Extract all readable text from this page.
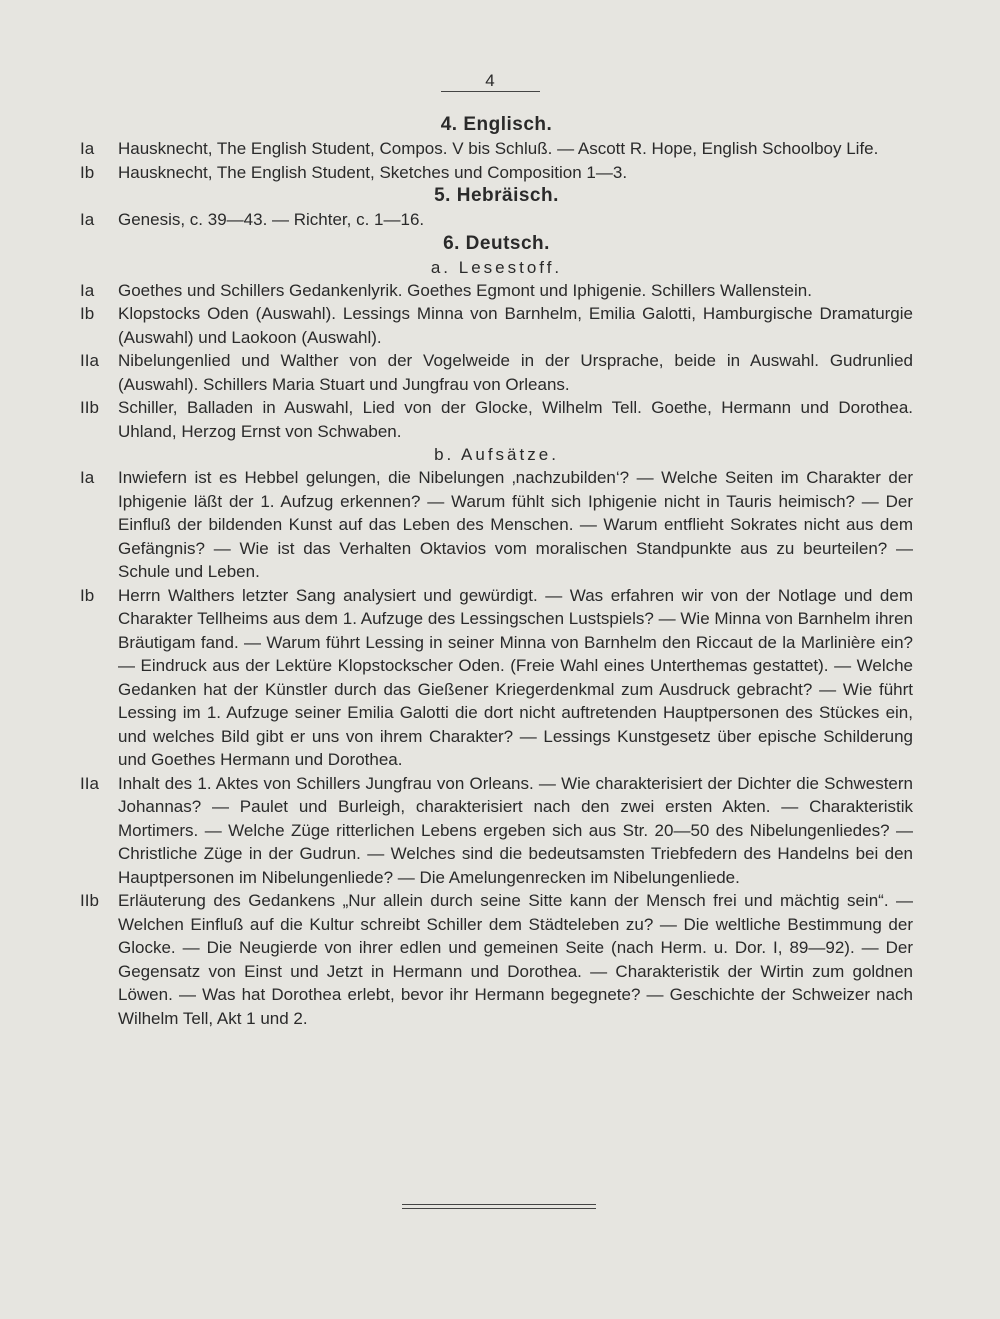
4
4. Englisch.
Ia	Hausknecht, The English Student, Compos. V bis Schluß. — Ascott R. Hope, English Schoolboy Life.
Ib	Hausknecht, The English Student, Sketches und Composition 1—3.
5. Hebräisch.
Ia	Genesis, c. 39—43. — Richter, c. 1—16.
6. Deutsch.
a. Lesestoff.
Ia	Goethes und Schillers Gedankenlyrik. Goethes Egmont und Iphigenie. Schillers Wallenstein.
Ib	Klopstocks Oden (Auswahl). Lessings Minna von Barnhelm, Emilia Galotti, Hamburgische Dramaturgie (Auswahl) und Laokoon (Auswahl).
IIa	Nibelungenlied und Walther von der Vogelweide in der Ursprache, beide in Auswahl. Gudrunlied (Auswahl). Schillers Maria Stuart und Jungfrau von Orleans.
IIb	Schiller, Balladen in Auswahl, Lied von der Glocke, Wilhelm Tell. Goethe, Hermann und Dorothea. Uhland, Herzog Ernst von Schwaben.
b. Aufsätze.
Ia	Inwiefern ist es Hebbel gelungen, die Nibelungen ‚nachzubilden‘? — Welche Seiten im Charakter der Iphigenie läßt der 1. Aufzug erkennen? — Warum fühlt sich Iphigenie nicht in Tauris heimisch? — Der Einfluß der bildenden Kunst auf das Leben des Menschen. — Warum entflieht Sokrates nicht aus dem Gefängnis? — Wie ist das Verhalten Oktavios vom moralischen Standpunkte aus zu beurteilen? — Schule und Leben.
Ib	Herrn Walthers letzter Sang analysiert und gewürdigt. — Was erfahren wir von der Notlage und dem Charakter Tellheims aus dem 1. Aufzuge des Lessingschen Lustspiels? — Wie Minna von Barnhelm ihren Bräutigam fand. — Warum führt Lessing in seiner Minna von Barnhelm den Riccaut de la Marlinière ein? — Eindruck aus der Lektüre Klopstockscher Oden. (Freie Wahl eines Unterthemas gestattet). — Welche Gedanken hat der Künstler durch das Gießener Kriegerdenkmal zum Ausdruck gebracht? — Wie führt Lessing im 1. Aufzuge seiner Emilia Galotti die dort nicht auftretenden Hauptpersonen des Stückes ein, und welches Bild gibt er uns von ihrem Charakter? — Lessings Kunstgesetz über epische Schilderung und Goethes Hermann und Dorothea.
IIa	Inhalt des 1. Aktes von Schillers Jungfrau von Orleans. — Wie charakterisiert der Dichter die Schwestern Johannas? — Paulet und Burleigh, charakterisiert nach den zwei ersten Akten. — Charakteristik Mortimers. — Welche Züge ritterlichen Lebens ergeben sich aus Str. 20—50 des Nibelungenliedes? — Christliche Züge in der Gudrun. — Welches sind die bedeutsamsten Triebfedern des Handelns bei den Hauptpersonen im Nibelungenliede? — Die Amelungenrecken im Nibelungenliede.
IIb	Erläuterung des Gedankens „Nur allein durch seine Sitte kann der Mensch frei und mächtig sein“. — Welchen Einfluß auf die Kultur schreibt Schiller dem Städteleben zu? — Die weltliche Bestimmung der Glocke. — Die Neugierde von ihrer edlen und gemeinen Seite (nach Herm. u. Dor. I, 89—92). — Der Gegensatz von Einst und Jetzt in Hermann und Dorothea. — Charakteristik der Wirtin zum goldnen Löwen. — Was hat Dorothea erlebt, bevor ihr Hermann begegnete? — Geschichte der Schweizer nach Wilhelm Tell, Akt 1 und 2.
